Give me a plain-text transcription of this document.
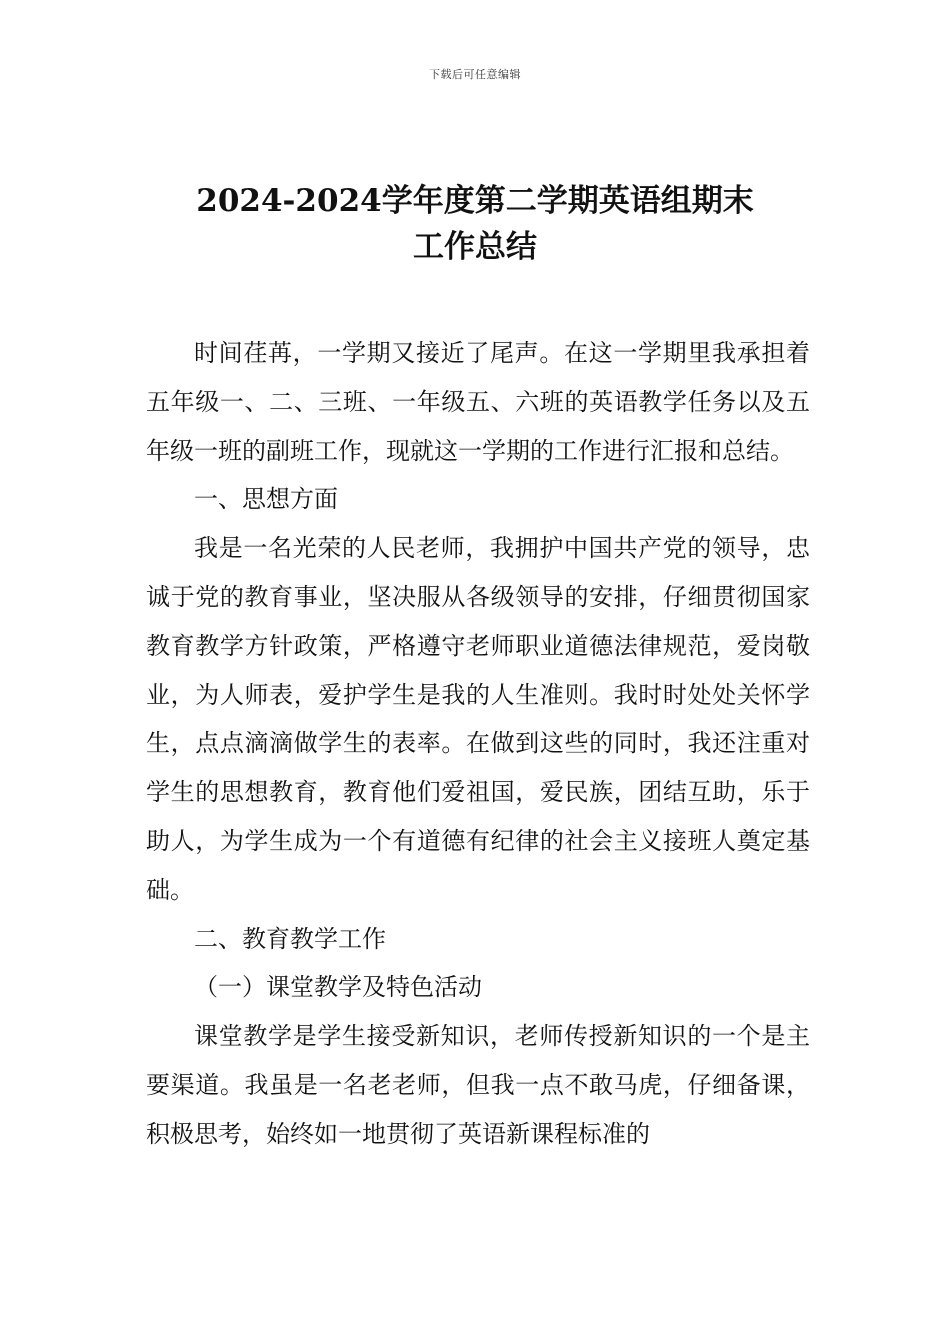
下载后可任意编辑
2024-2024学年度第二学期英语组期末
工作总结

时间荏苒，一学期又接近了尾声。在这一学期里我承担着五年级一、二、三班、一年级五、六班的英语教学任务以及五年级一班的副班工作，现就这一学期的工作进行汇报和总结。

一、思想方面

我是一名光荣的人民老师，我拥护中国共产党的领导，忠诚于党的教育事业，坚决服从各级领导的安排，仔细贯彻国家教育教学方针政策，严格遵守老师职业道德法律规范，爱岗敬业，为人师表，爱护学生是我的人生准则。我时时处处关怀学生，点点滴滴做学生的表率。在做到这些的同时，我还注重对学生的思想教育，教育他们爱祖国，爱民族，团结互助，乐于助人，为学生成为一个有道德有纪律的社会主义接班人奠定基础。

二、教育教学工作

（一）课堂教学及特色活动

课堂教学是学生接受新知识，老师传授新知识的一个是主要渠道。我虽是一名老老师，但我一点不敢马虎，仔细备课，积极思考，始终如一地贯彻了英语新课程标准的
